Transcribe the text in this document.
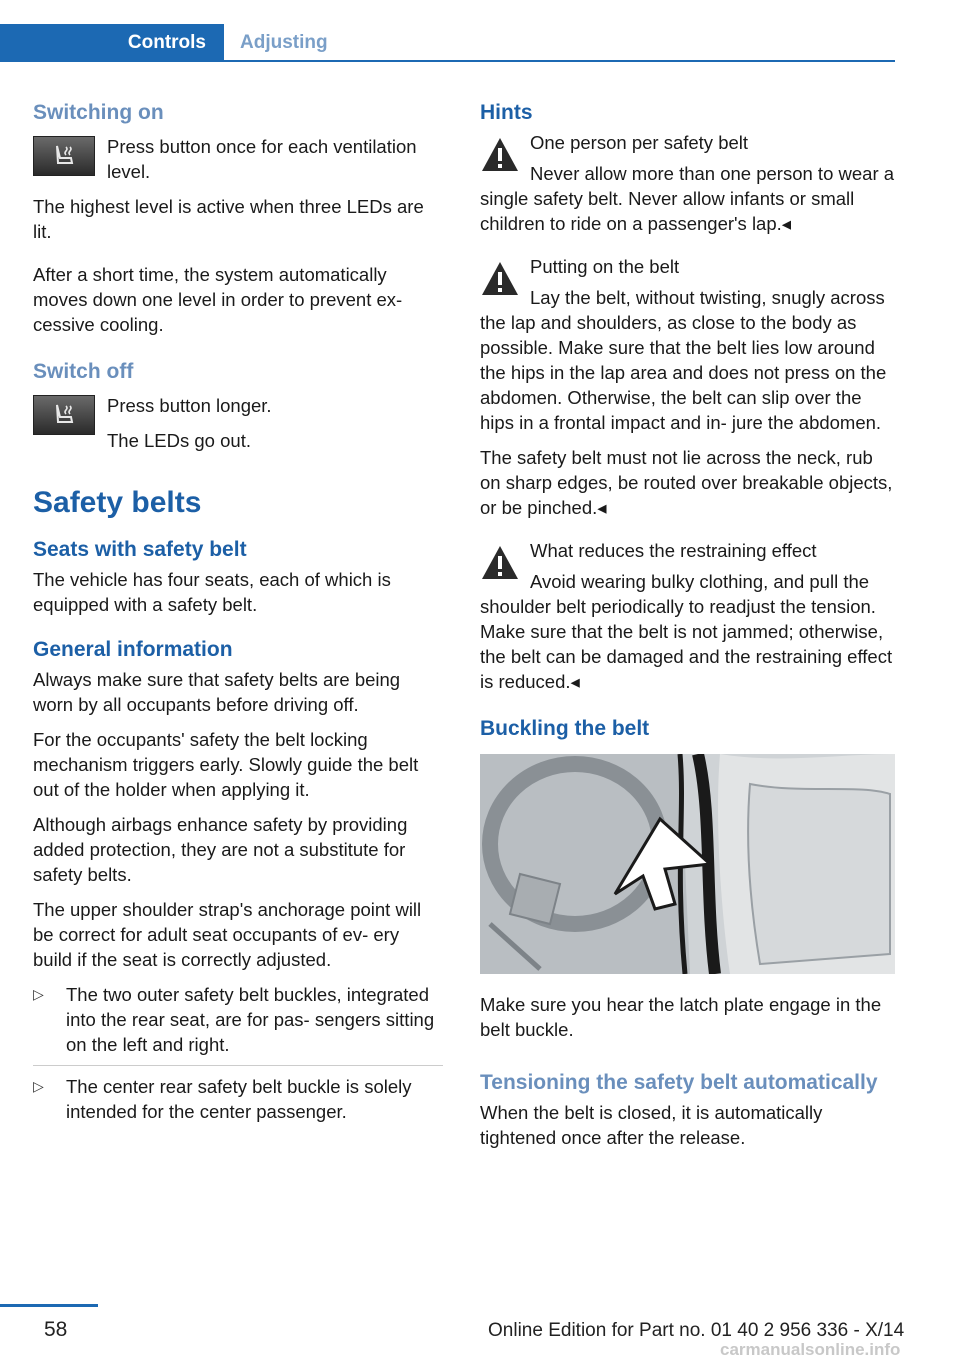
Controls	Adjusting
Switching on

Press button once for each ventilation level.

The highest level is active when three LEDs are lit.

After a short time, the system automatically moves down one level in order to prevent ex- cessive cooling.

Switch off

Press button longer.

The LEDs go out.

Safety belts
Seats with safety belt

The vehicle has four seats, each of which is equipped with a safety belt.

General information

Always make sure that safety belts are being worn by all occupants before driving off.

For the occupants' safety the belt locking mechanism triggers early. Slowly guide the belt out of the holder when applying it.

Although airbags enhance safety by providing added protection, they are not a substitute for safety belts.

The upper shoulder strap's anchorage point will be correct for adult seat occupants of ev- ery build if the seat is correctly adjusted.

▷ The two outer safety belt buckles, integrated into the rear seat, are for pas- sengers sitting on the left and right.
▷ The center rear safety belt buckle is solely intended for the center passenger.
Hints

One person per safety belt

Never allow more than one person to wear a single safety belt. Never allow infants or small children to ride on a passenger's lap.◂

Putting on the belt

Lay the belt, without twisting, snugly across the lap and shoulders, as close to the body as possible. Make sure that the belt lies low around the hips in the lap area and does not press on the abdomen. Otherwise, the belt can slip over the hips in a frontal impact and in- jure the abdomen.

The safety belt must not lie across the neck, rub on sharp edges, be routed over breakable objects, or be pinched.◂

What reduces the restraining effect

Avoid wearing bulky clothing, and pull the shoulder belt periodically to readjust the tension. Make sure that the belt is not jammed; otherwise, the belt can be damaged and the restraining effect is reduced.◂

Buckling the belt

Make sure you hear the latch plate engage in the belt buckle.

Tensioning the safety belt automatically

When the belt is closed, it is automatically tightened once after the release.

58	Online Edition for Part no. 01 40 2 956 336 - X/14
carmanualsonline.info
